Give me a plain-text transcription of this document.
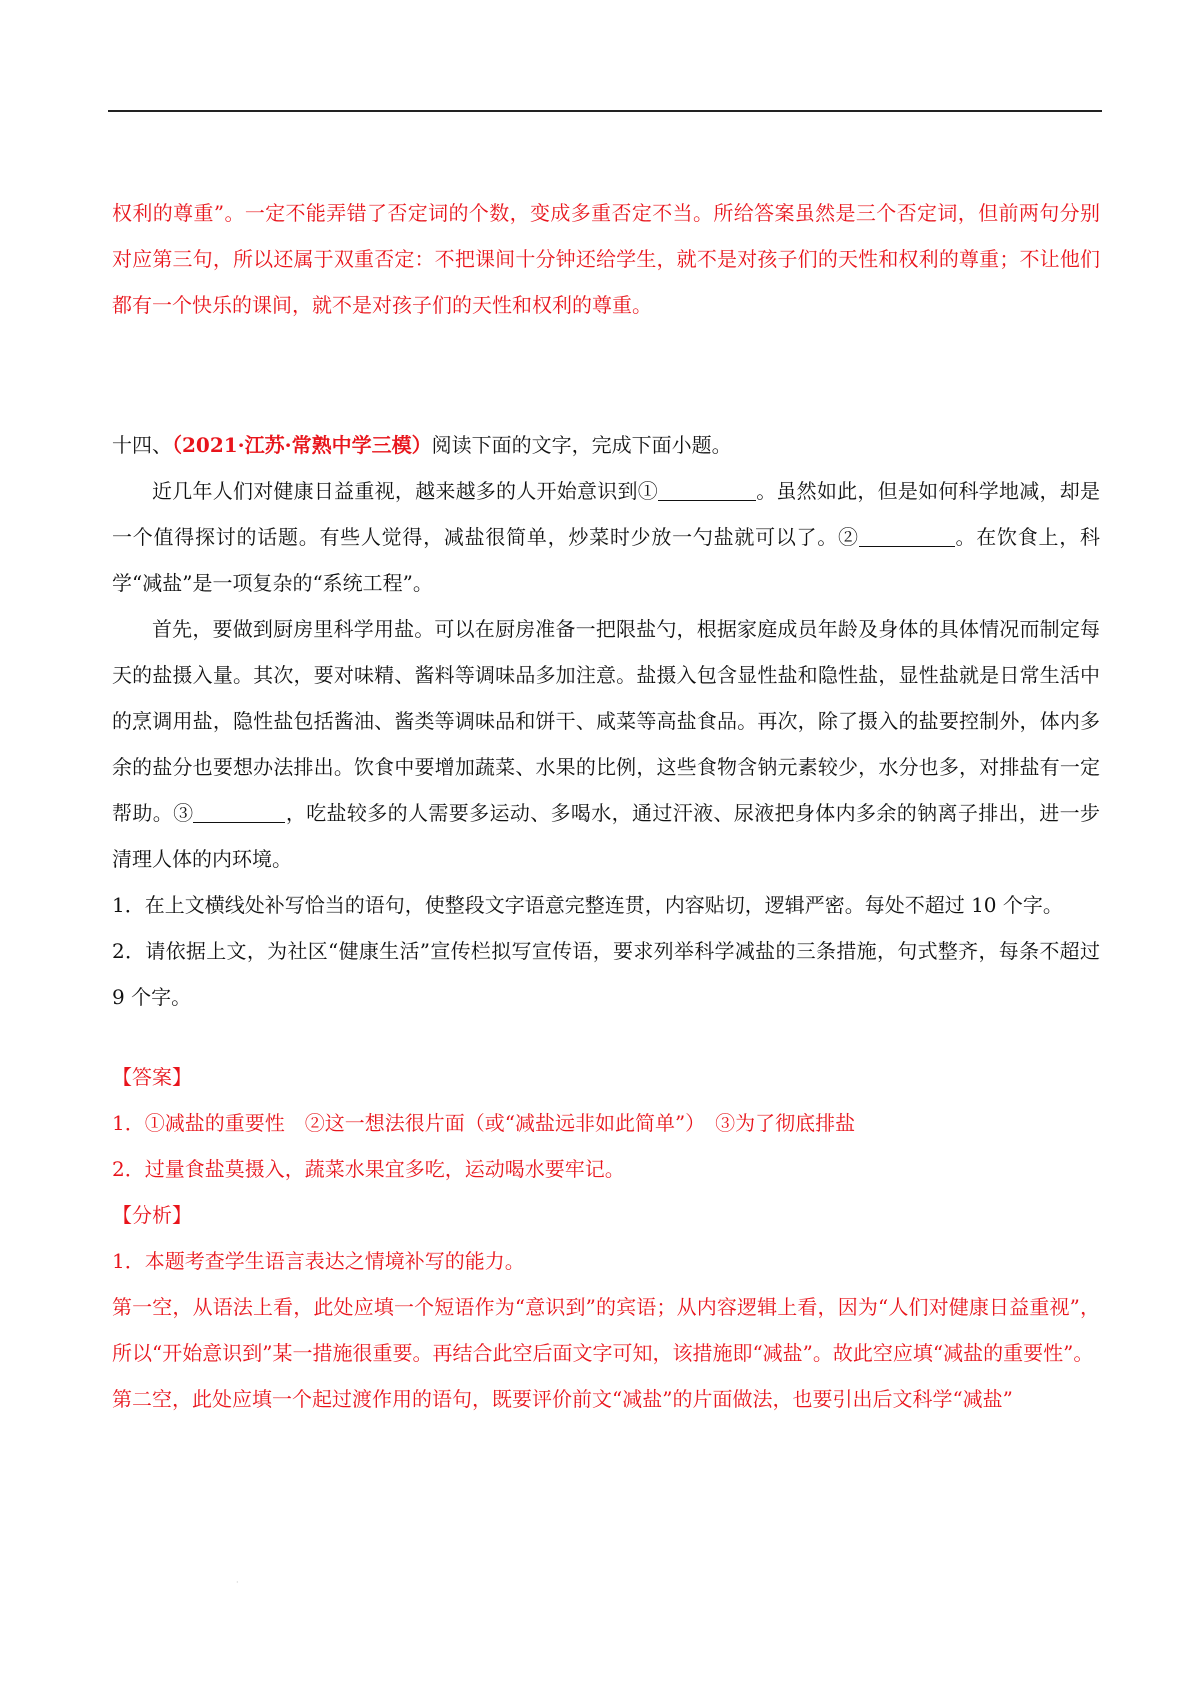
权利的尊重”。一定不能弄错了否定词的个数，变成多重否定不当。所给答案虽然是三个否定词，但前两句分别对应第三句，所以还属于双重否定：不把课间十分钟还给学生，就不是对孩子们的天性和权利的尊重；不让他们都有一个快乐的课间，就不是对孩子们的天性和权利的尊重。

十四、（2021·江苏·常熟中学三模）阅读下面的文字，完成下面小题。

近几年人们对健康日益重视，越来越多的人开始意识到①	。虽然如此，但是如何科学地减，却是一个值得探讨的话题。有些人觉得，减盐很简单，炒菜时少放一勺盐就可以了。②	。在饮食上，科学“减盐”是一项复杂的“系统工程”。

首先，要做到厨房里科学用盐。可以在厨房准备一把限盐勺，根据家庭成员年龄及身体的具体情况而制定每天的盐摄入量。其次，要对味精、酱料等调味品多加注意。盐摄入包含显性盐和隐性盐，显性盐就是日常生活中的烹调用盐，隐性盐包括酱油、酱类等调味品和饼干、咸菜等高盐食品。再次，除了摄入的盐要控制外，体内多余的盐分也要想办法排出。饮食中要增加蔬菜、水果的比例，这些食物含钠元素较少，水分也多，对排盐有一定帮助。③	，吃盐较多的人需要多运动、多喝水，通过汗液、尿液把身体内多余的钠离子排出，进一步清理人体的内环境。

1．在上文横线处补写恰当的语句，使整段文字语意完整连贯，内容贴切，逻辑严密。每处不超过 10 个字。

2．请依据上文，为社区“健康生活”宣传栏拟写宣传语，要求列举科学减盐的三条措施，句式整齐，每条不超过 9 个字。

【答案】

1．①减盐的重要性　②这一想法很片面（或“减盐远非如此简单”）　③为了彻底排盐

2．过量食盐莫摄入，蔬菜水果宜多吃，运动喝水要牢记。

【分析】

1．本题考查学生语言表达之情境补写的能力。

第一空，从语法上看，此处应填一个短语作为“意识到”的宾语；从内容逻辑上看，因为“人们对健康日益重视”，所以“开始意识到”某一措施很重要。再结合此空后面文字可知，该措施即“减盐”。故此空应填“减盐的重要性”。

第二空，此处应填一个起过渡作用的语句，既要评价前文“减盐”的片面做法，也要引出后文科学“减盐”

·
